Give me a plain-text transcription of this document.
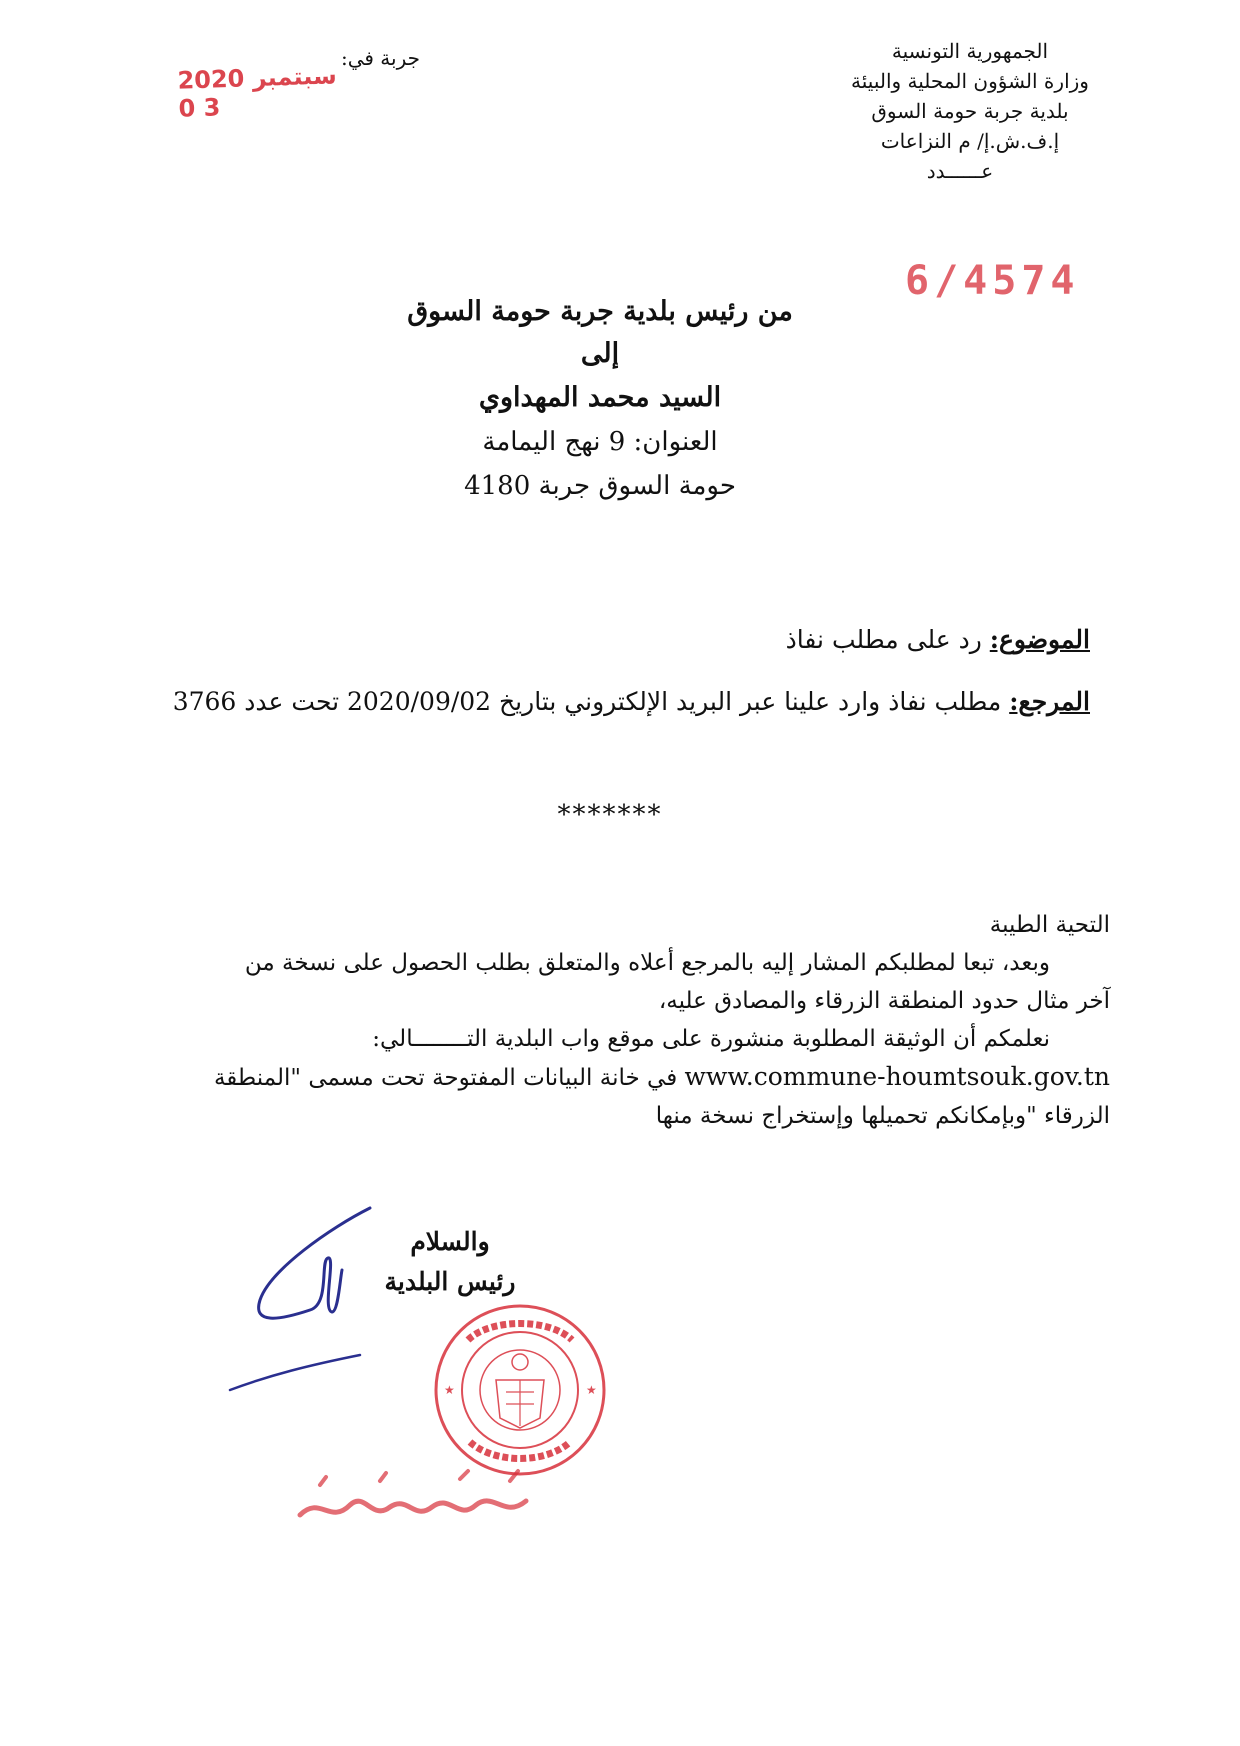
الجمهورية التونسية
وزارة الشؤون المحلية والبيئة
بلدية جربة حومة السوق
إ.ف.ش.إ/ م النزاعات
عــــــدد
جربة في:
2020 سبتمبر 3 0
6/4574
من رئيس بلدية جربة حومة السوق
إلى
السيد محمد المهداوي
العنوان: 9 نهج اليمامة
حومة السوق جربة 4180
الموضوع: رد على مطلب نفاذ
المرجع: مطلب نفاذ وارد علينا عبر البريد الإلكتروني بتاريخ 2020/09/02 تحت عدد 3766
*******
التحية الطيبة
وبعد، تبعا لمطلبكم المشار إليه بالمرجع أعلاه والمتعلق بطلب الحصول على نسخة من
آخر مثال حدود المنطقة الزرقاء والمصادق عليه،
نعلمكم أن الوثيقة المطلوبة منشورة على موقع واب البلدية التــــــــالي:
www.commune-houmtsouk.gov.tn في خانة البيانات المفتوحة تحت مسمى "المنطقة
الزرقاء "وبإمكانكم تحميلها وإستخراج نسخة منها
والسلام
رئيس البلدية
★	★
